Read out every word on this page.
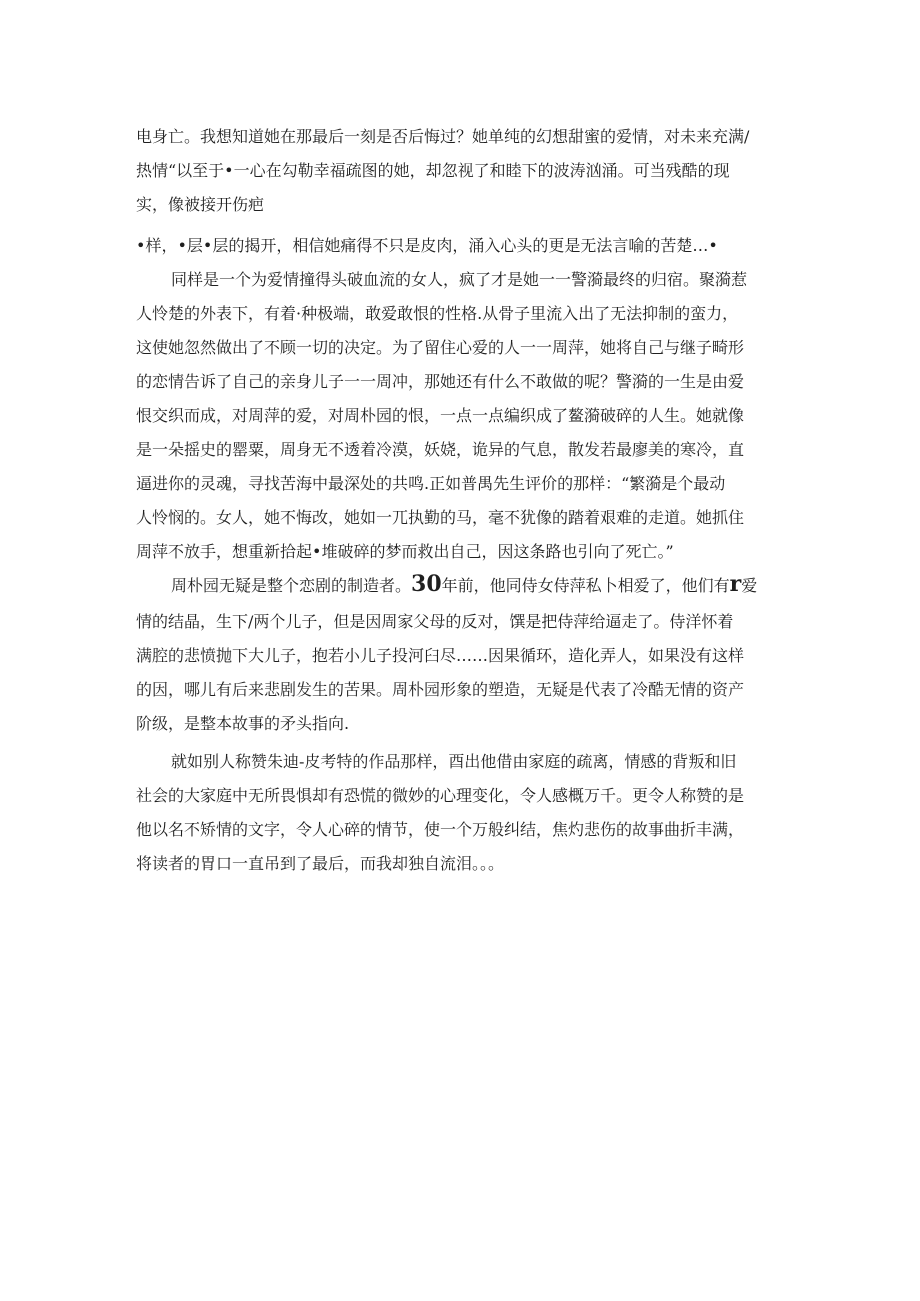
电身亡。我想知道她在那最后一刻是否后悔过？她单纯的幻想甜蜜的爱情，对未来充满/
热情“以至于•一心在勾勒幸福疏图的她，却忽视了和睦下的波涛汹涌。可当残酷的现
实，像被接开伤疤
•样，•层•层的揭开，相信她痛得不只是皮肉，涌入心头的更是无法言喻的苦楚…•
同样是一个为爱情撞得头破血流的女人，疯了才是她一一警漪最终的归宿。聚漪惹
人怜楚的外表下，有着·种极端，敢爱敢恨的性格.从骨子里流入出了无法抑制的蛮力，
这使她忽然做出了不顾一切的决定。为了留住心爱的人一一周萍，她将自己与继子畸形
的恋情告诉了自己的亲身儿子一一周冲，那她还有什么不敢做的呢？警漪的一生是由爱
恨交织而成，对周萍的爱，对周朴园的恨，一点一点编织成了鳌漪破碎的人生。她就像
是一朵摇史的罂粟，周身无不透着冷漠，妖娆，诡异的气息，散发若最廖美的寒冷，直
逼进你的灵魂，寻找苦海中最深处的共鸣.正如普禺先生评价的那样：“繁漪是个最动
人怜悯的。女人，她不悔改，她如一兀执勤的马，毫不犹像的踏着艰难的走道。她抓住
周萍不放手，想重新拾起•堆破碎的梦而救出自己，因这条路也引向了死亡。”
周朴园无疑是整个恋剧的制造者。30年前，他同侍女侍萍私卜相爱了，他们有r爱
情的结晶，生下/两个儿子，但是因周家父母的反对，馔是把侍萍给逼走了。侍洋怀着
满腔的悲愤抛下大儿子，抱若小儿子投河臼尽……因果循环，造化弄人，如果没有这样
的因，哪儿有后来悲剧发生的苦果。周朴园形象的塑造，无疑是代表了冷酷无情的资产
阶级，是整本故事的矛头指向.
就如别人称赞朱迪-皮考特的作品那样，酉出他借由家庭的疏离，情感的背叛和旧
社会的大家庭中无所畏惧却有恐慌的微妙的心理变化，令人感概万千。更令人称赞的是
他以名不矫情的文字，令人心碎的情节，使一个万般纠结，焦灼悲伤的故事曲折丰满，
将读者的胃口一直吊到了最后，而我却独自流泪。。。
